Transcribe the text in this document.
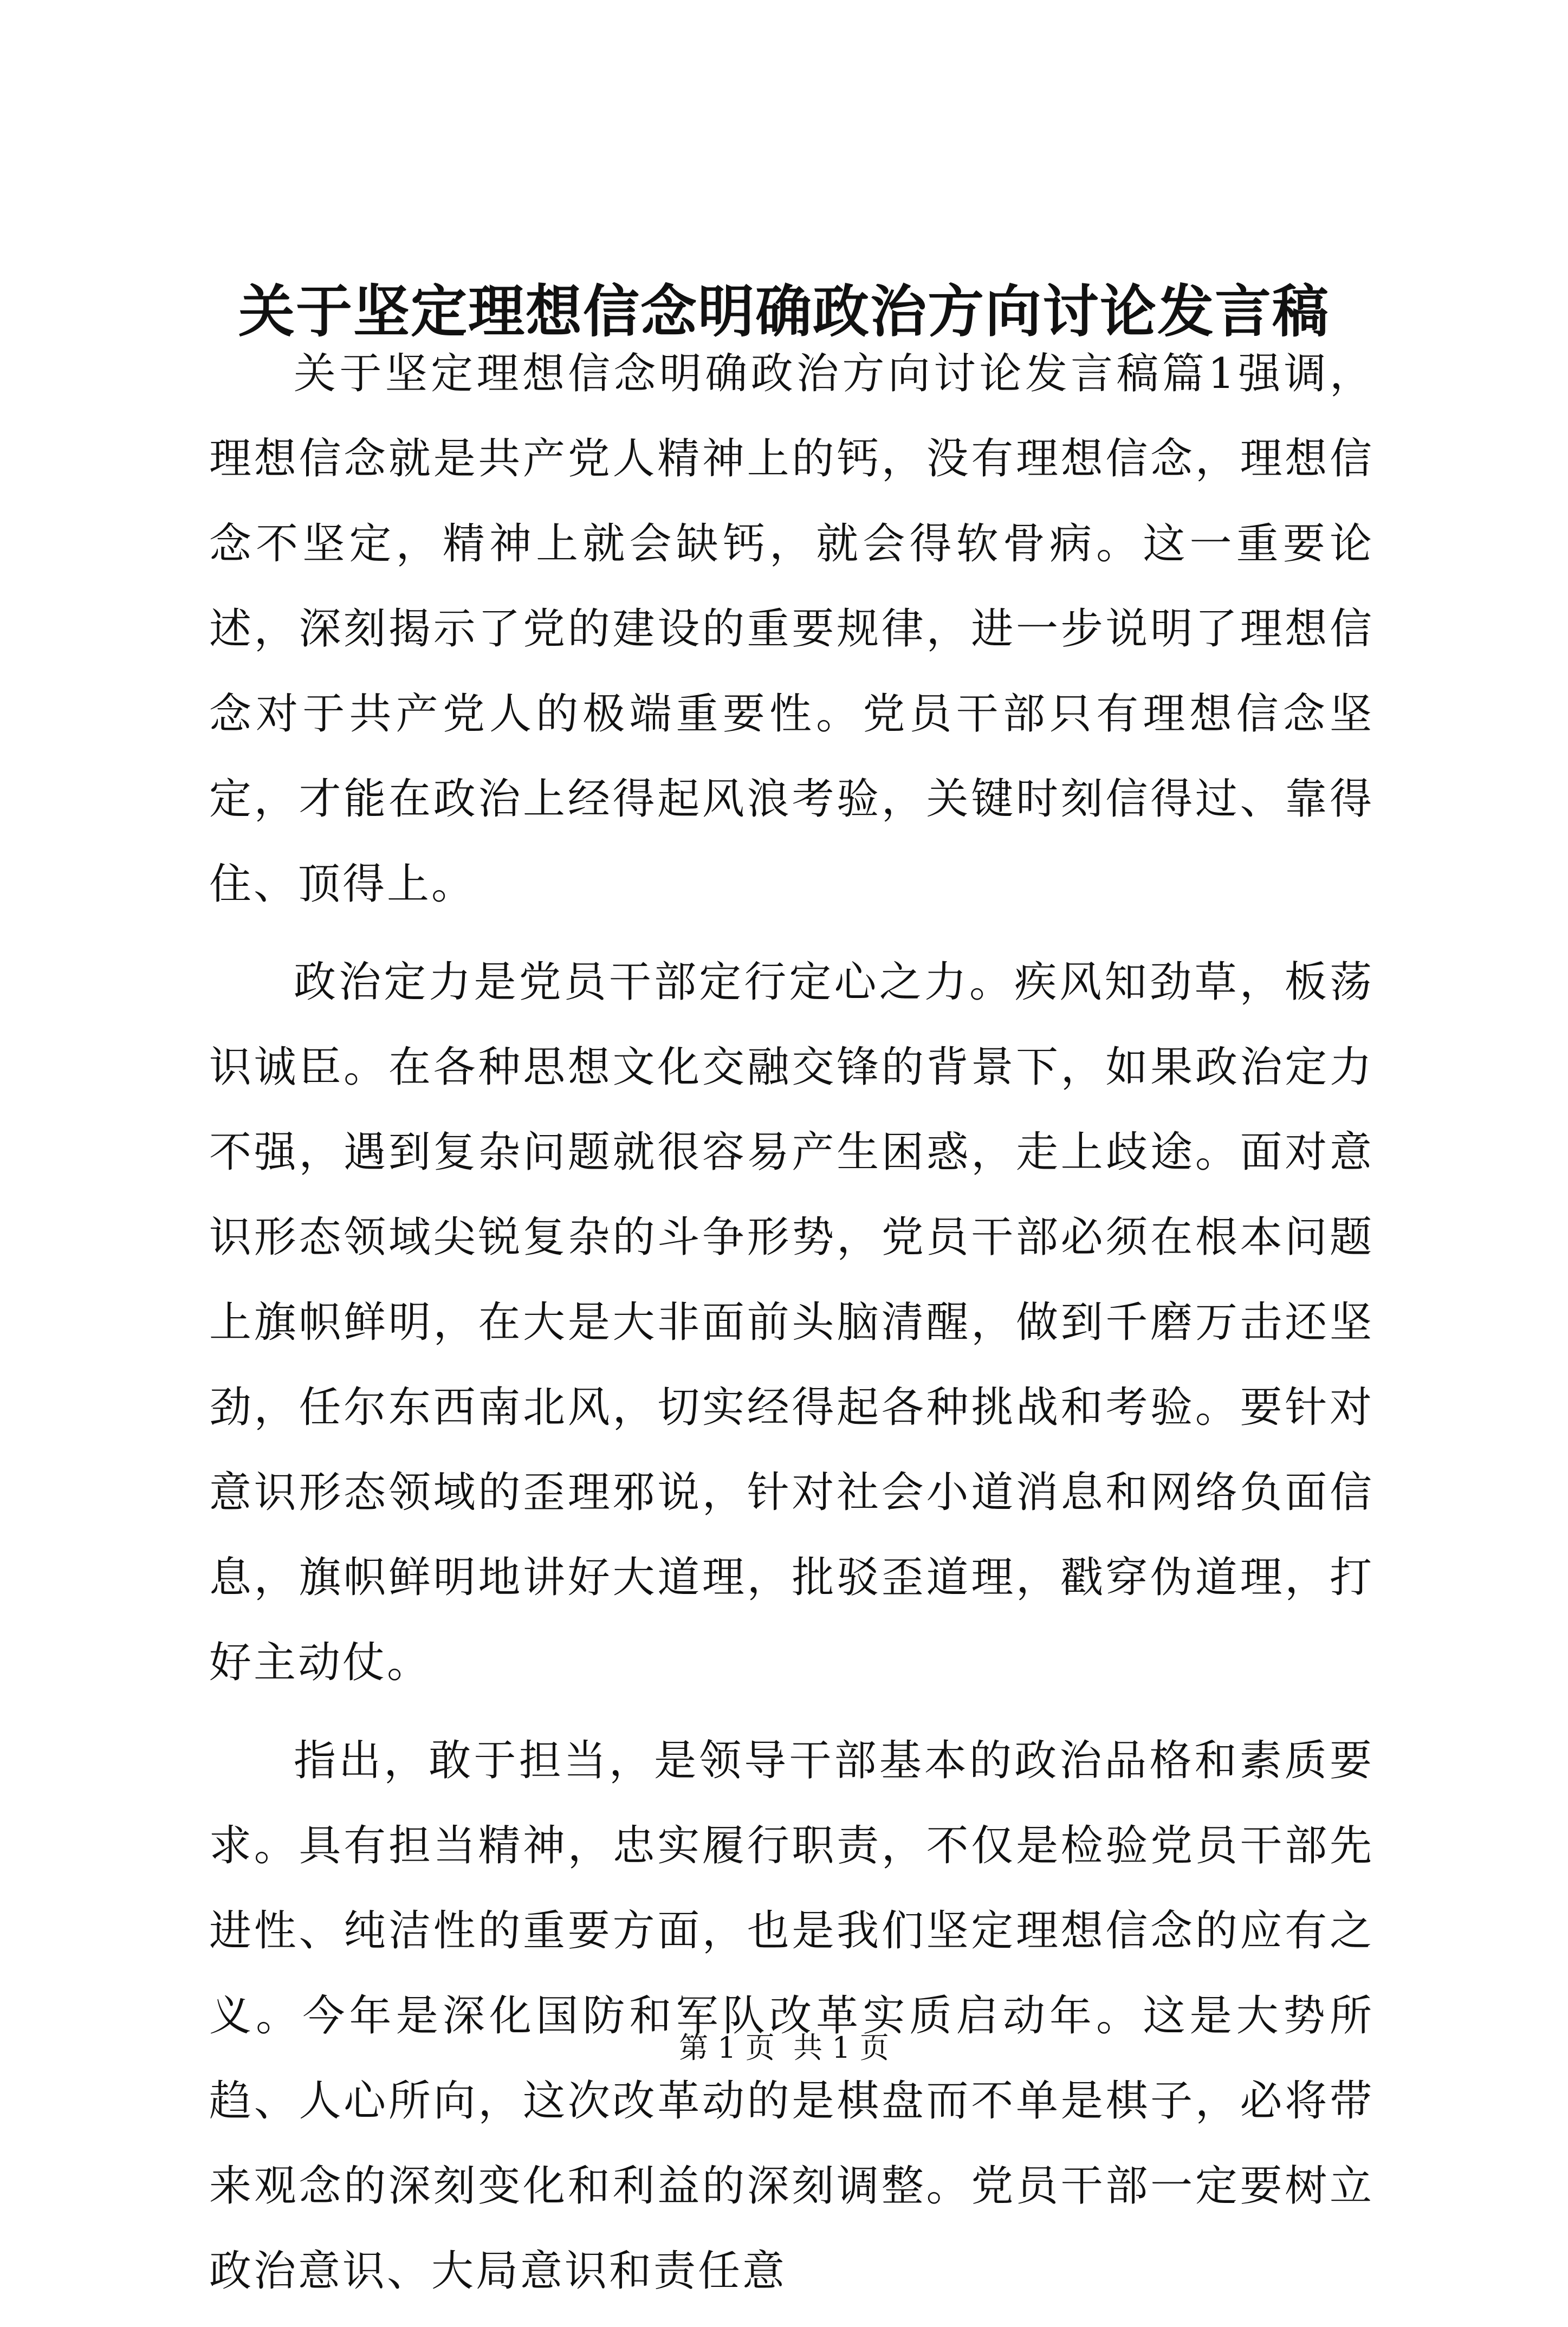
关于坚定理想信念明确政治方向讨论发言稿

关于坚定理想信念明确政治方向讨论发言稿篇1强调，理想信念就是共产党人精神上的钙，没有理想信念，理想信念不坚定，精神上就会缺钙，就会得软骨病。这一重要论述，深刻揭示了党的建设的重要规律，进一步说明了理想信念对于共产党人的极端重要性。党员干部只有理想信念坚定，才能在政治上经得起风浪考验，关键时刻信得过、靠得住、顶得上。

政治定力是党员干部定行定心之力。疾风知劲草，板荡识诚臣。在各种思想文化交融交锋的背景下，如果政治定力不强，遇到复杂问题就很容易产生困惑，走上歧途。面对意识形态领域尖锐复杂的斗争形势，党员干部必须在根本问题上旗帜鲜明，在大是大非面前头脑清醒，做到千磨万击还坚劲，任尔东西南北风，切实经得起各种挑战和考验。要针对意识形态领域的歪理邪说，针对社会小道消息和网络负面信息，旗帜鲜明地讲好大道理，批驳歪道理，戳穿伪道理，打好主动仗。

指出，敢于担当，是领导干部基本的政治品格和素质要求。具有担当精神，忠实履行职责，不仅是检验党员干部先进性、纯洁性的重要方面，也是我们坚定理想信念的应有之义。今年是深化国防和军队改革实质启动年。这是大势所趋、人心所向，这次改革动的是棋盘而不单是棋子，必将带来观念的深刻变化和利益的深刻调整。党员干部一定要树立政治意识、大局意识和责任意

第 1 页 共 1 页
